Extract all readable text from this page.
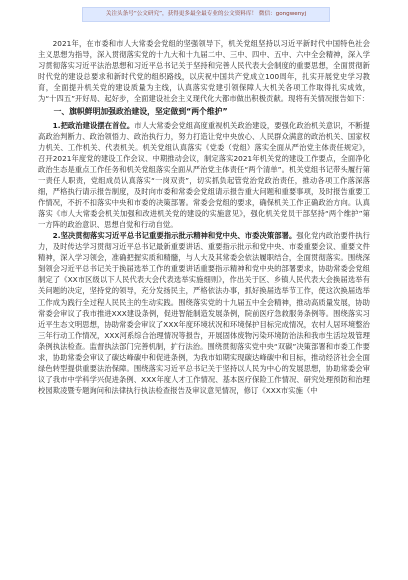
关注头条号“公文研究”，获得更多最全最专业的公文资料库！ 微信：gongwenyj

2021年，在市委和市人大常委会党组的坚强领导下，机关党组坚持以习近平新时代中国特色社会主义思想为指导，深入贯彻落实党的十九大和十九届二中、三中、四中、五中、六中全会精神，深入学习贯彻落实习近平法治思想和习近平总书记关于坚持和完善人民代表大会制度的重要思想，全面贯彻新时代党的建设总要求和新时代党的组织路线，以庆祝中国共产党成立100周年，扎实开展党史学习教育，全面提升机关党的建设质量为主线，认真落实党建引领保障人大机关各项工作取得扎实成效，为“十四五”开好局、起好步，全面建设社会主义现代化大都市做出积极贡献。现将有关情况报告如下：

一、旗帜鲜明加强政治建设，坚定做到“两个维护”

1.把政治建设摆在首位。市人大常委会党组高度重视机关政治建设，要强化政治机关意识，不断提高政治判断力、政治领悟力、政治执行力，努力打造让党中央放心、人民群众满意的政治机关、国家权力机关、工作机关、代表机关。机关党组认真落实《党委（党组）落实全面从严治党主体责任规定》，召开2021年度党的建设工作会议、中期推动会议，制定落实2021年机关党的建设工作要点，全面净化政治生态是重点工作任务和机关党组落实全面从严治党主体责任“两个清单”。机关党组书记带头履行第一责任人职责，党组成员认真落实“一岗双责”，切实抓负起管党治党政治责任，推动各项工作落深落细，严格执行请示报告制度，及时向市委和常委会党组请示报告重大问题和重要事项，及时报告重要工作情况，不折不扣落实中央和市委的决策部署。常委会党组的要求，确保机关工作正确政治方向。认真落实《市人大常委会机关加强和改进机关党的建设的实施意见》，强化机关党员干部坚持“两个维护”第一方阵的政治意识、思想自觉和行动自觉。

2.坚决贯彻落实习近平总书记重要指示批示精神和党中央、市委决策部署。强化党内政治要件执行力，及时传达学习贯彻习近平总书记最新重要讲话、重要指示批示和党中央、市委重要会议、重要文件精神，深入学习领会，准确把握实质和精髓，与人大及其常委会依法履职结合，全面贯彻落实。围绕深刻领会习近平总书记关于换届选举工作的重要讲话重要指示精神和党中央的部署要求，协助常委会党组制定了《XX市区级以下人民代表大会代表选举实施细则》，作出关于区、乡镇人民代表大会换届选举有关问题的决定，坚持党的领导，充分发扬民主，严格依法办事，抓好换届选举节工作，使这次换届选举工作成为践行全过程人民民主的生动实践。围绕落实党的十九届五中全会精神，推动高质量发展，协助常委会审议了我市推进XXX建设条例，促进智能制造发展条例，院前医疗急救服务条例等。围绕落实习近平生态文明思想，协助常委会审议了XXX年度环境状况和环境保护目标完成情况，农村人居环境整治三年行动工作情况，XXX河系综合治理情况等报告，开展固体废物污染环境防治法和我市生活垃圾管理条例执法检查。监督执法部门完善机制，扩行法治。围绕贯彻落实党中央“双碳”决策部署和市委工作要求，协助常委会审议了碳达峰碳中和促进条例，为我市如期实现碳达峰碳中和目标，推动经济社会全面绿色转型提供重要法治保障。围绕落实习近平总书记关于坚持以人民为中心的发展思想，协助常委会审议了我市中学科学兴促进条例、XXX年度人才工作情况、基本医疗保险工作情况、研究处理预防和治理校园欺凌暨专题询问和法律执行执法检查报告及审议意见情况，修订《XXX市实施（中
